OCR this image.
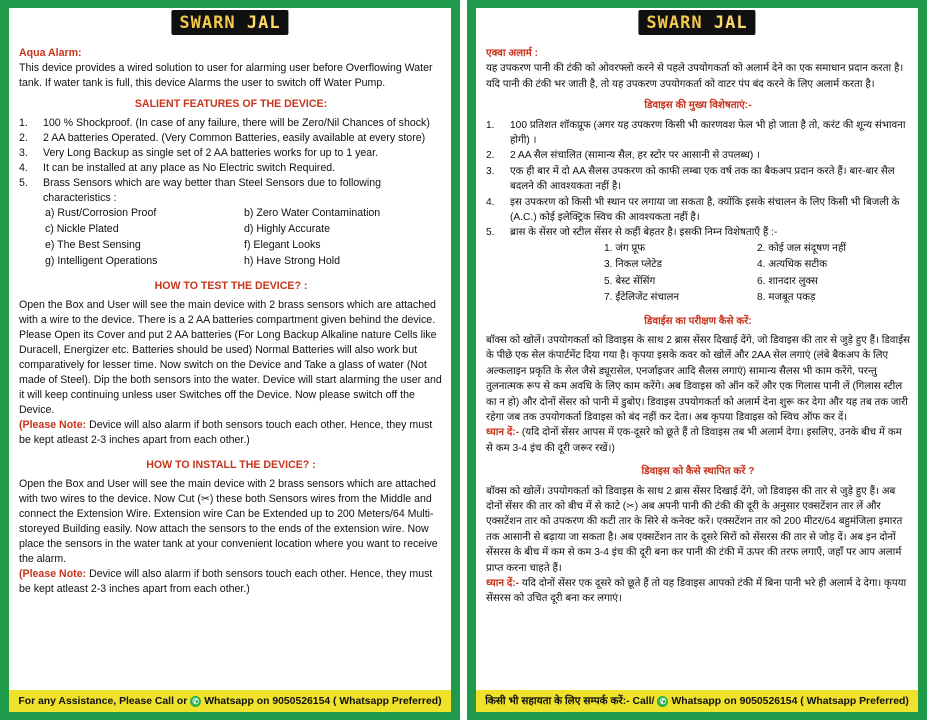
SWARN JAL

Aqua Alarm:

This device provides a wired solution to user for alarming user before Overflowing Water tank. If water tank is full, this device Alarms the user to switch off Water Pump.

SALIENT FEATURES OF THE DEVICE:

1.	100 % Shockproof. (In case of any failure, there will be Zero/Nil Chances of shock)
2.	2 AA batteries Operated. (Very Common Batteries, easily available at every store)
3.	Very Long Backup as single set of 2 AA batteries works for up to 1 year.
4.	It can be installed at any place as No Electric switch Required.
5.	Brass Sensors which are way better than Steel Sensors due to following characteristics :
a) Rust/Corrosion Proof	b) Zero Water Contamination
c) Nickle Plated	d) Highly Accurate
e) The Best Sensing	f) Elegant Looks
g) Intelligent Operations	h) Have Strong Hold

HOW TO TEST THE DEVICE? :

Open the Box and User will see the main device with 2 brass sensors which are attached with a wire to the device. There is a 2 AA batteries compartment given behind the device. Please Open its Cover and put 2 AA batteries (For Long Backup Alkaline nature Cells like Duracell, Energizer etc. Batteries should be used) Normal Batteries will also work but comparatively for lesser time. Now switch on the Device and Take a glass of water (Not made of Steel). Dip the both sensors into the water. Device will start alarming the user and it will keep continuing unless user Switches off the Device. Now please switch off the Device.

(Please Note: Device will also alarm if both sensors touch each other. Hence, they must be kept atleast 2-3 inches apart from each other.)

HOW TO INSTALL THE DEVICE? :

Open the Box and User will see the main device with 2 brass sensors which are attached with two wires to the device. Now Cut (✂) these both Sensors wires from the Middle and connect the Extension Wire. Extension wire Can be Extended up to 200 Meters/64 Multi-storeyed Building easily. Now attach the sensors to the ends of the extension wire. Now place the sensors in the water tank at your convenient location where you want to receive the alarm.

(Please Note: Device will also alarm if both sensors touch each other. Hence, they must be kept atleast 2-3 inches apart from each other.)

For any Assistance, Please Call or ✆ Whatsapp on 9050526154 ( Whatsapp Preferred)
SWARN JAL

एक्वा अलार्म :

यह उपकरण पानी की टंकी को ओवरफ्लो करने से पहले उपयोगकर्ता को अलार्म देने का एक समाधान प्रदान करता है। यदि पानी की टंकी भर जाती है, तो यह उपकरण उपयोगकर्ता को वाटर पंप बंद करने के लिए अलार्म करता है।

डिवाइस की मुख्य विशेषताएं:-

1.	100 प्रतिशत शॉकप्रूफ (अगर यह उपकरण किसी भी कारणवश फेल भी हो जाता है तो, करंट की शून्य संभावना होगी) ।
2.	2 AA सैल संचालित (सामान्य सैल, हर स्टोर पर आसानी से उपलब्ध) ।
3.	एक ही बार में दो AA सैलस उपकरण को काफी लम्बा एक वर्ष तक का बैकअप प्रदान करते हैं। बार-बार सैल बदलने की आवश्यकता नहीं है।
4.	इस उपकरण को किसी भी स्थान पर लगाया जा सकता है, क्योंकि इसके संचालन के लिए किसी भी बिजली के (A.C.) कोई इलेक्ट्रिक स्विच की आवश्यकता नहीं है।
5.	ब्रास के सेंसर जो स्टील सेंसर से कहीं बेहतर है। इसकी निम्न विशेषताएँ हैं :-
1. जंग प्रूफ	2. कोई जल संदूषण नहीं
3. निकल प्लेटेड	4. अत्यधिक सटीक
5. बेस्ट सेंसिंग	6. शानदार लुक्स
7. ईंटेलिजेंट संचालन	8. मजबूत पकड़

डिवाईस का परीक्षण कैसे करें:

बॉक्स को खोलें। उपयोगकर्ता को डिवाइस के साथ 2 ब्रास सेंसर दिखाई देंगे, जो डिवाइस की तार से जुड़े हुए हैं। डिवाईस के पीछे एक सेल कंपार्टमेंट दिया गया है। कृपया इसके कवर को खोलें और 2AA सेल लगाएं (लंबे बैकअप के लिए अल्कलाइन प्रकृति के सेल जैसे ड्यूरासेल, एनर्जाइजर आदि सैलस लगाएं) सामान्य सैलस भी काम करेंगे, परन्तु तुलनात्मक रूप से कम अवधि के लिए काम करेंगे। अब डिवाइस को ऑन करें और एक गिलास पानी लें (गिलास स्टील का न हो) और दोनों सेंसर को पानी में डुबोए। डिवाइस उपयोगकर्ता को अलार्म देना शुरू कर देगा और यह तब तक जारी रहेगा जब तक उपयोगकर्ता डिवाइस को बंद नहीं कर देता। अब कृपया डिवाइस को स्विच ऑफ कर दें।

ध्यान दें:- (यदि दोनों सेंसर आपस में एक-दूसरे को छूते हैं तो डिवाइस तब भी अलार्म देगा। इसलिए, उनके बीच में कम से कम 3-4 इंच की दूरी जरूर रखें।)

डिवाइस को कैसे स्थापित करें ?

बॉक्स को खोलें। उपयोगकर्ता को डिवाइस के साथ 2 ब्रास सेंसर दिखाई देंगे, जो डिवाइस की तार से जुड़े हुए हैं। अब दोनों सेंसर की तार को बीच में से काटे (✂) अब अपनी पानी की टंकी की दूरी के अनुसार एक्सटेंशन तार लें और एक्सटेंशन तार को उपकरण की कटी तार के सिरे से कनेक्ट करें। एक्सटेंशन तार को 200 मीटर/64 बहुमंजिला इमारत तक आसानी से बढ़ाया जा सकता है। अब एक्सटेंशन तार के दूसरे सिरों को सेंसरस की तार से जोड़ दें। अब इन दोनों सेंसरस के बीच में कम से कम 3-4 इंच की दूरी बना कर पानी की टंकी में ऊपर की तरफ लगाएँ, जहाँ पर आप अलार्म प्राप्त करना चाहते हैं।

ध्यान दें:- यदि दोनों सेंसर एक दूसरे को छूते हैं तो यह डिवाइस आपको टंकी में बिना पानी भरे ही अलार्म दे देगा। कृपया सेंसरस को उचित दूरी बना कर लगाएं।

किसी भी सहायता के लिए सम्पर्क करें:- Call/ ✆ Whatsapp on 9050526154 ( Whatsapp Preferred)
